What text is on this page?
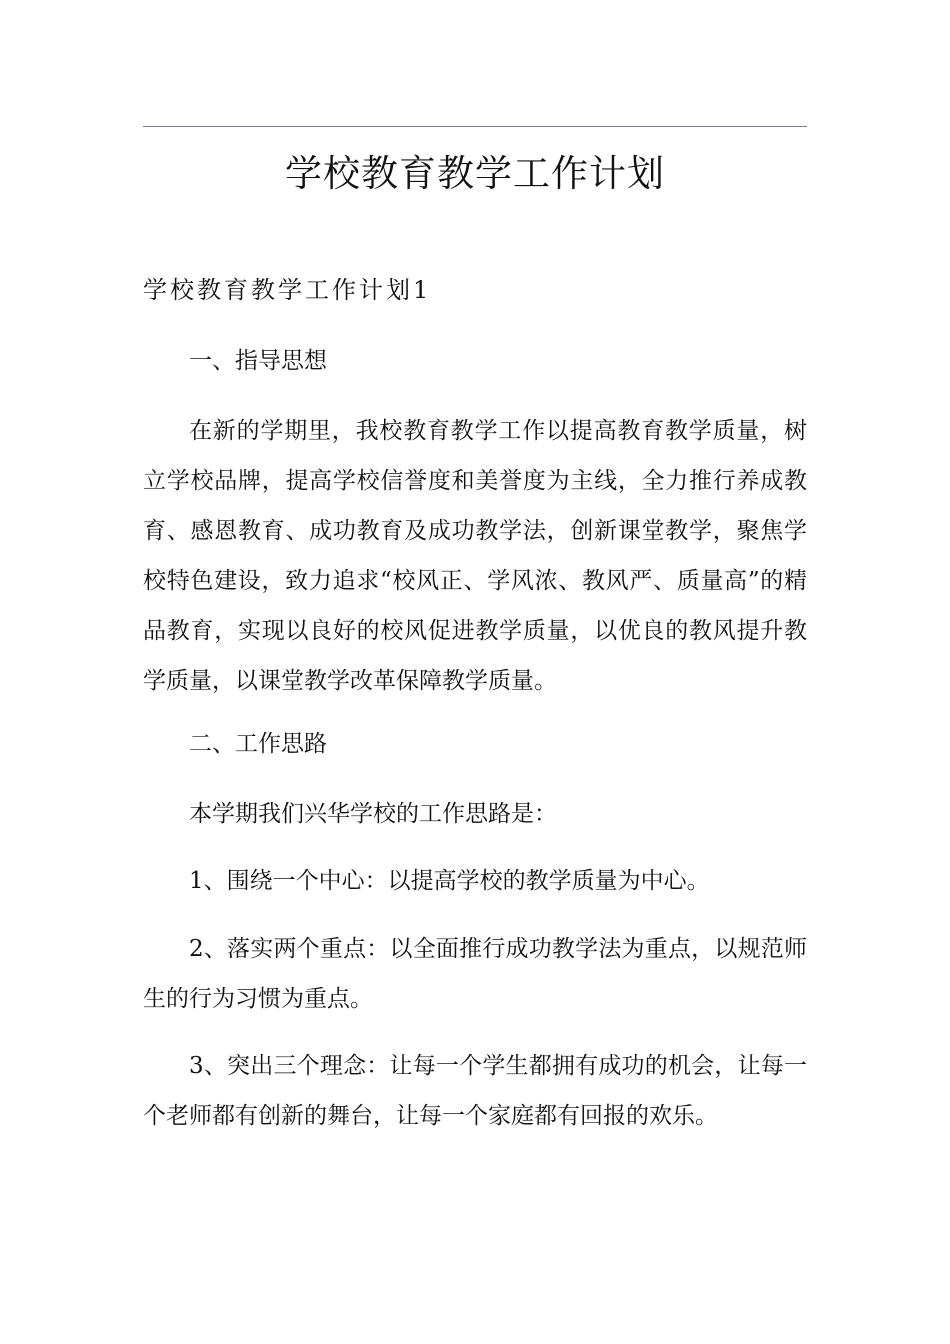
学校教育教学工作计划
学校教育教学工作计划1

一、指导思想

在新的学期里，我校教育教学工作以提高教育教学质量，树立学校品牌，提高学校信誉度和美誉度为主线，全力推行养成教育、感恩教育、成功教育及成功教学法，创新课堂教学，聚焦学校特色建设，致力追求“校风正、学风浓、教风严、质量高”的精品教育，实现以良好的校风促进教学质量，以优良的教风提升教学质量，以课堂教学改革保障教学质量。

二、工作思路

本学期我们兴华学校的工作思路是：

1、围绕一个中心：以提高学校的教学质量为中心。

2、落实两个重点：以全面推行成功教学法为重点，以规范师生的行为习惯为重点。

3、突出三个理念：让每一个学生都拥有成功的机会，让每一个老师都有创新的舞台，让每一个家庭都有回报的欢乐。
